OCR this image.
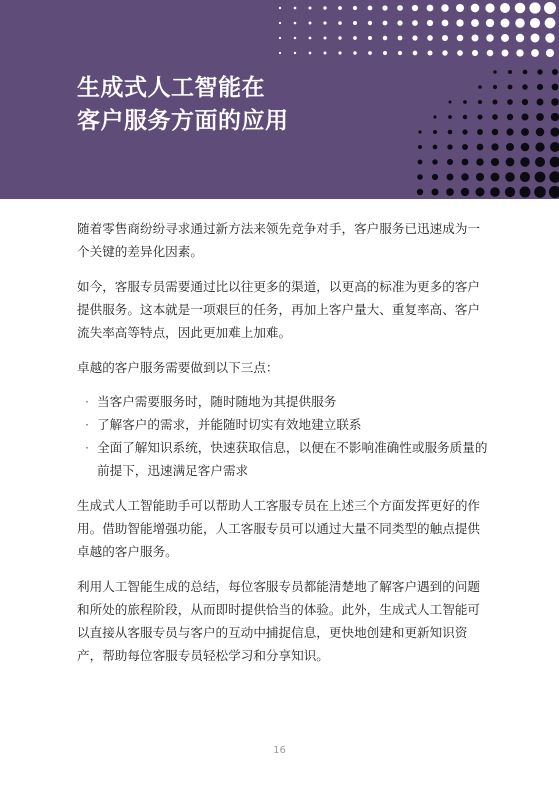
生成式人工智能在
客户服务方面的应用

随着零售商纷纷寻求通过新方法来领先竞争对手，客户服务已迅速成为一个关键的差异化因素。

如今，客服专员需要通过比以往更多的渠道，以更高的标准为更多的客户提供服务。这本就是一项艰巨的任务，再加上客户量大、重复率高、客户流失率高等特点，因此更加难上加难。

卓越的客户服务需要做到以下三点：

· 当客户需要服务时，随时随地为其提供服务
· 了解客户的需求，并能随时切实有效地建立联系
· 全面了解知识系统，快速获取信息，以便在不影响准确性或服务质量的前提下，迅速满足客户需求

生成式人工智能助手可以帮助人工客服专员在上述三个方面发挥更好的作用。借助智能增强功能，人工客服专员可以通过大量不同类型的触点提供卓越的客户服务。

利用人工智能生成的总结，每位客服专员都能清楚地了解客户遇到的问题和所处的旅程阶段，从而即时提供恰当的体验。此外，生成式人工智能可以直接从客服专员与客户的互动中捕捉信息，更快地创建和更新知识资产，帮助每位客服专员轻松学习和分享知识。

16
